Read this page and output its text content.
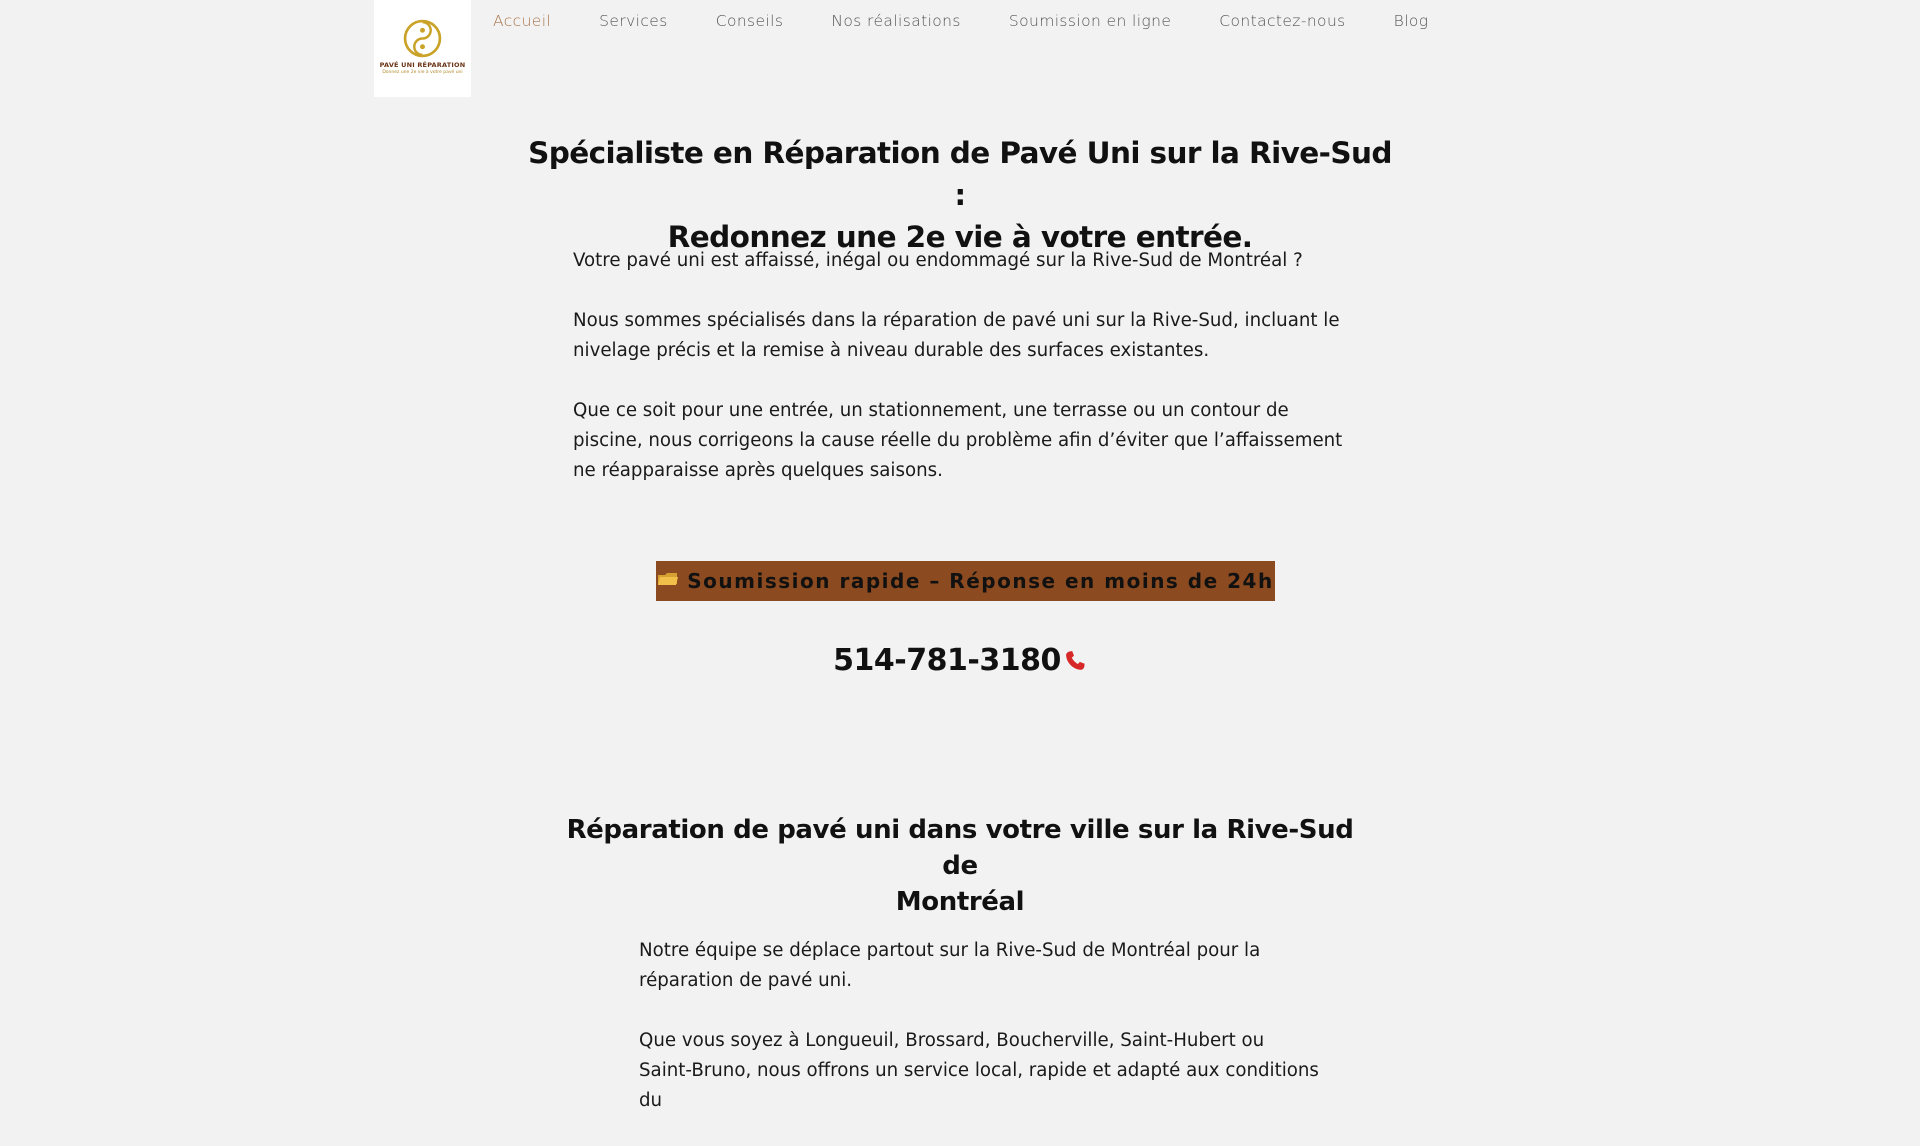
PAVÉ UNI RÉPARATION
Donnez une 2e vie à votre pavé uni
Accueil	Services	Conseils	Nos réalisations	Soumission en ligne	Contactez-nous	Blog
Spécialiste en Réparation de Pavé Uni sur la Rive-Sud :
Redonnez une 2e vie à votre entrée.

Votre pavé uni est affaissé, inégal ou endommagé sur la Rive-Sud de Montréal ?

Nous sommes spécialisés dans la réparation de pavé uni sur la Rive-Sud, incluant le nivelage précis et la remise à niveau durable des surfaces existantes.

Que ce soit pour une entrée, un stationnement, une terrasse ou un contour de piscine, nous corrigeons la cause réelle du problème afin d’éviter que l’affaissement ne réapparaisse après quelques saisons.

Soumission rapide – Réponse en moins de 24h
514-781-3180
Réparation de pavé uni dans votre ville sur la Rive-Sud de
Montréal

Notre équipe se déplace partout sur la Rive-Sud de Montréal pour la réparation de pavé uni.

Que vous soyez à Longueuil, Brossard, Boucherville, Saint-Hubert ou Saint-Bruno, nous offrons un service local, rapide et adapté aux conditions du
